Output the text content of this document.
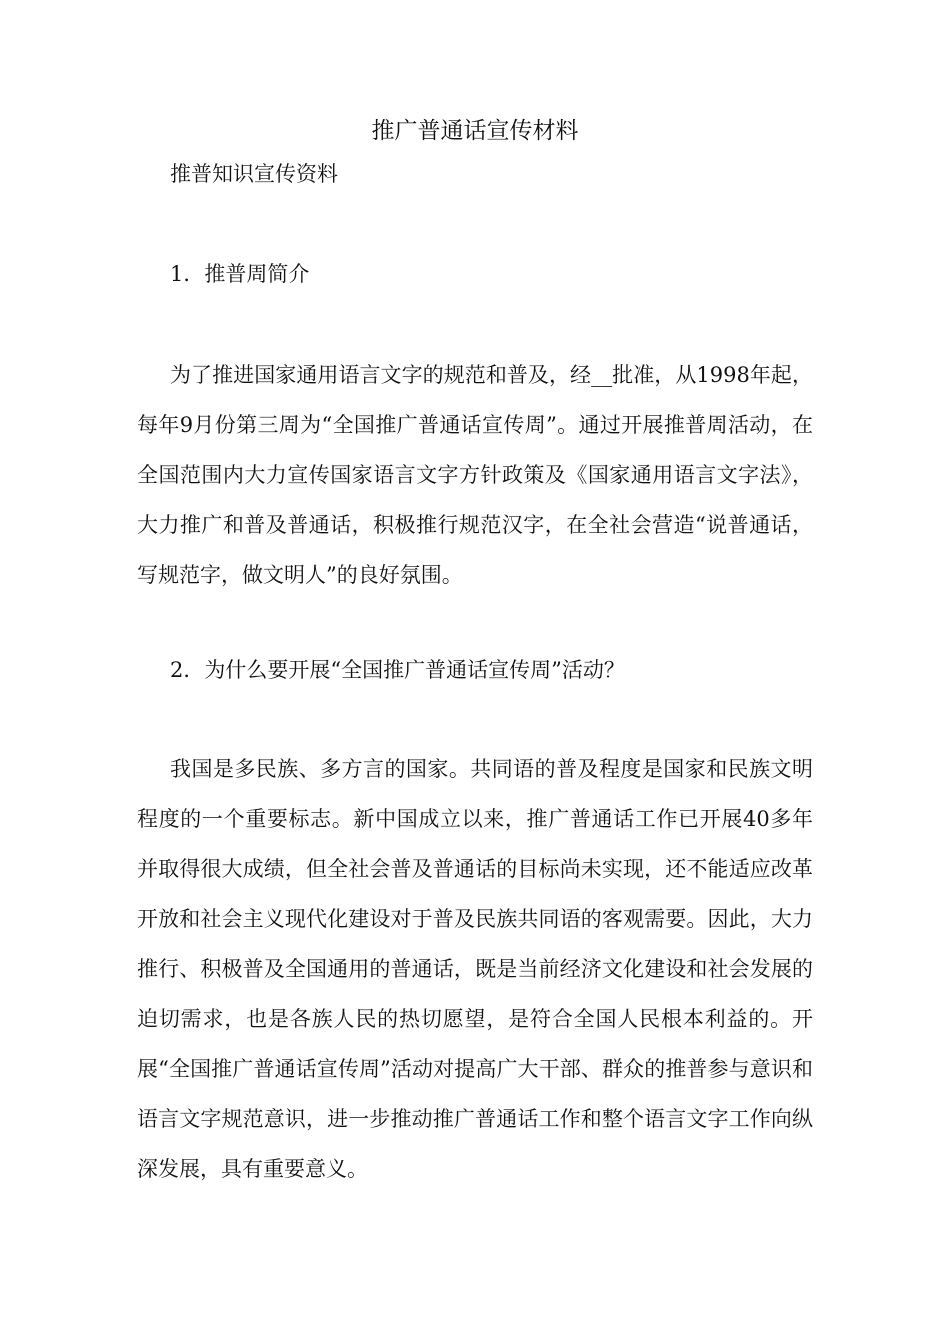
推广普通话宣传材料

推普知识宣传资料

1．推普周简介

为了推进国家通用语言文字的规范和普及，经__批准，从1998年起，每年9月份第三周为“全国推广普通话宣传周”。通过开展推普周活动，在全国范围内大力宣传国家语言文字方针政策及《国家通用语言文字法》，大力推广和普及普通话，积极推行规范汉字，在全社会营造“说普通话，写规范字，做文明人”的良好氛围。

2．为什么要开展“全国推广普通话宣传周”活动？

我国是多民族、多方言的国家。共同语的普及程度是国家和民族文明程度的一个重要标志。新中国成立以来，推广普通话工作已开展40多年并取得很大成绩，但全社会普及普通话的目标尚未实现，还不能适应改革开放和社会主义现代化建设对于普及民族共同语的客观需要。因此，大力推行、积极普及全国通用的普通话，既是当前经济文化建设和社会发展的迫切需求，也是各族人民的热切愿望，是符合全国人民根本利益的。开展“全国推广普通话宣传周”活动对提高广大干部、群众的推普参与意识和语言文字规范意识，进一步推动推广普通话工作和整个语言文字工作向纵深发展，具有重要意义。
